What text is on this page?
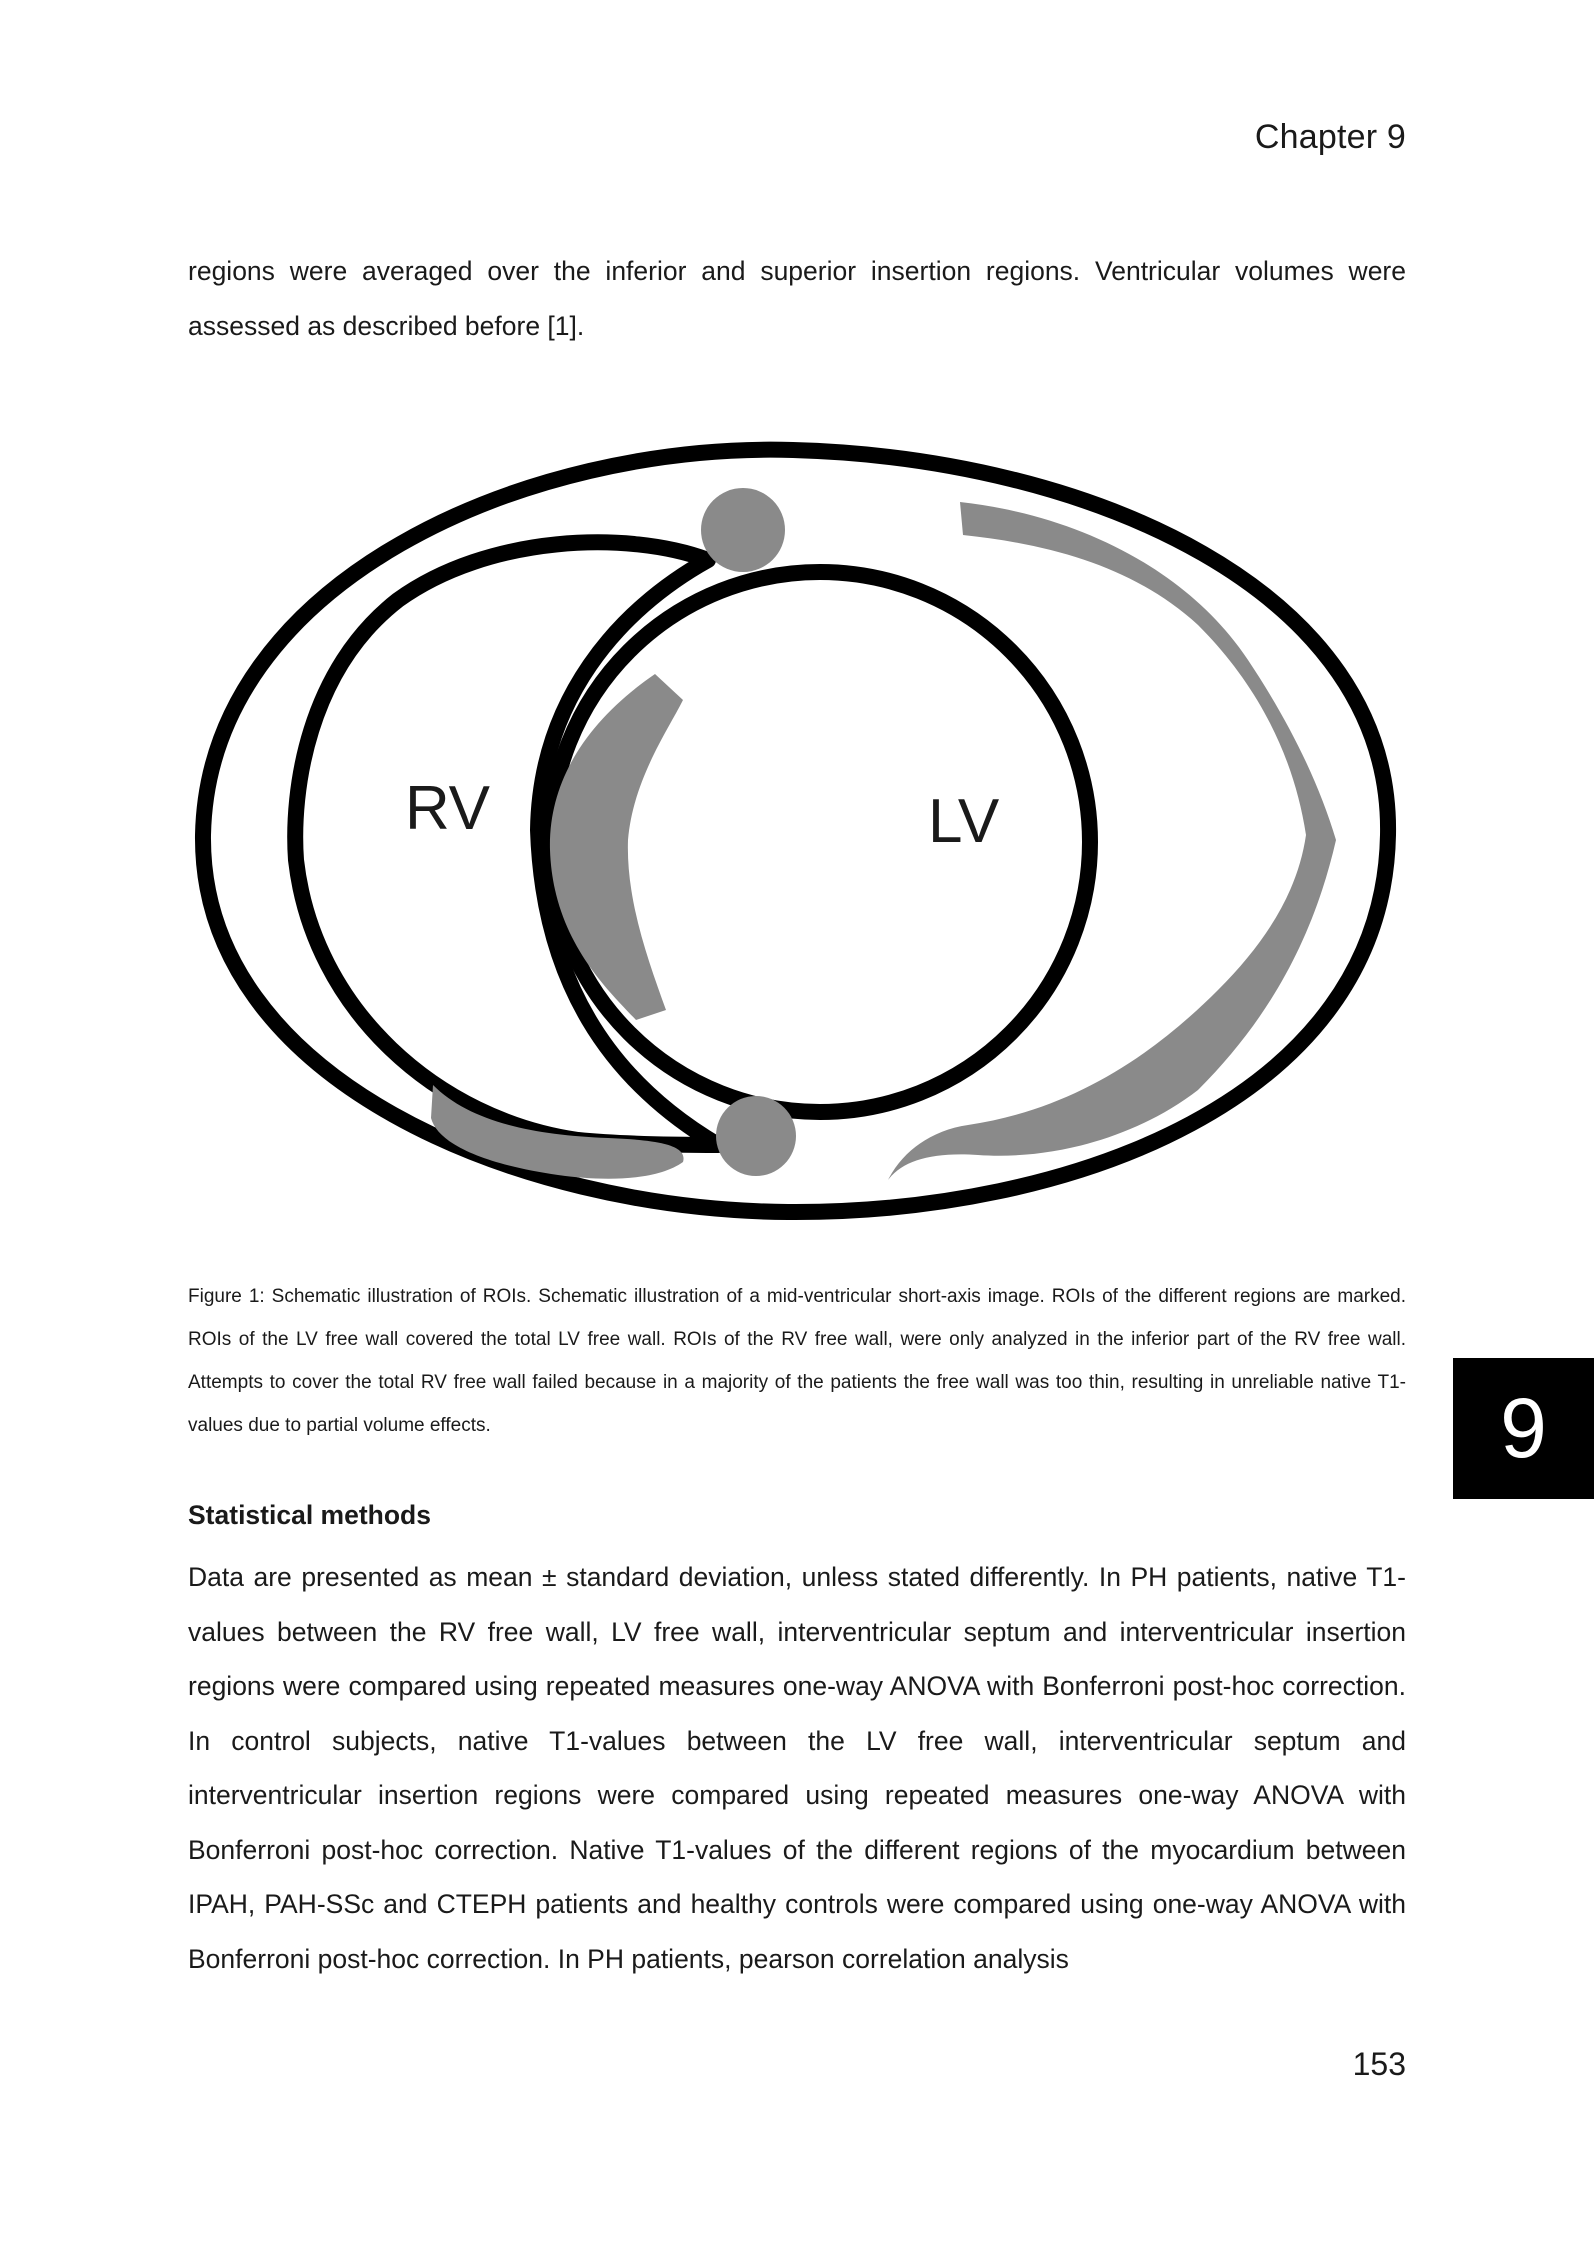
Chapter 9

regions were averaged over the inferior and superior insertion regions. Ventricular volumes were assessed as described before [1].

RV	LV

Figure 1: Schematic illustration of ROIs. Schematic illustration of a mid-ventricular short-axis image. ROIs of the different regions are marked. ROIs of the LV free wall covered the total LV free wall. ROIs of the RV free wall, were only analyzed in the inferior part of the RV free wall. Attempts to cover the total RV free wall failed because in a majority of the patients the free wall was too thin, resulting in unreliable native T1-values due to partial volume effects.

Statistical methods

Data are presented as mean ± standard deviation, unless stated differently. In PH patients, native T1-values between the RV free wall, LV free wall, interventricular septum and interventricular insertion regions were compared using repeated measures one-way ANOVA with Bonferroni post-hoc correction. In control subjects, native T1-values between the LV free wall, interventricular septum and interventricular insertion regions were compared using repeated measures one-way ANOVA with Bonferroni post-hoc correction. Native T1-values of the different regions of the myocardium between IPAH, PAH-SSc and CTEPH patients and healthy controls were compared using one-way ANOVA with Bonferroni post-hoc correction. In PH patients, pearson correlation analysis

9
153
